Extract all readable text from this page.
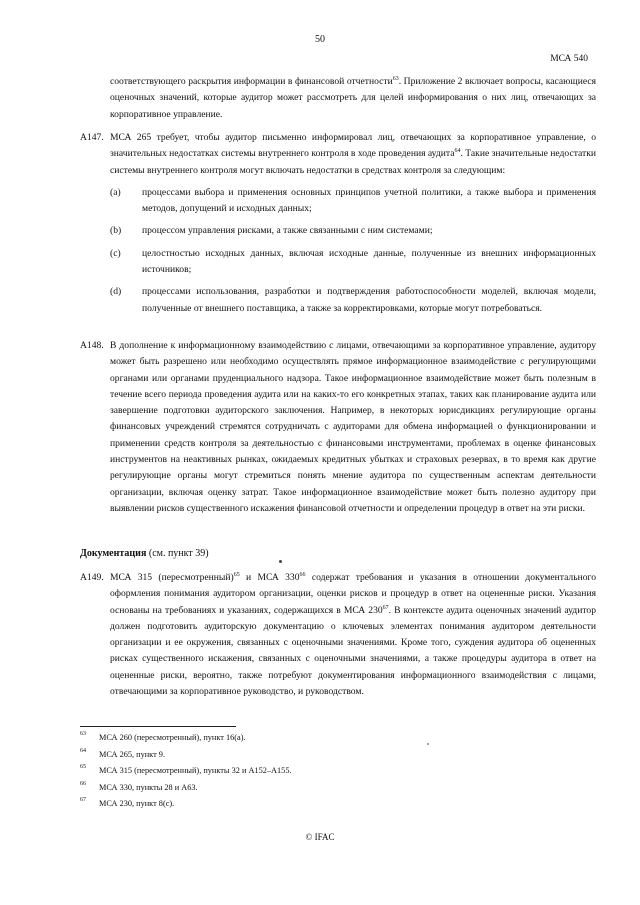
50
МСА 540
соответствующего раскрытия информации в финансовой отчетности$^{63}$. Приложение 2 включает вопросы, касающиеся оценочных значений, которые аудитор может рассмотреть для целей информирования о них лиц, отвечающих за корпоративное управление.
A147. МСА 265 требует, чтобы аудитор письменно информировал лиц, отвечающих за корпоративное управление, о значительных недостатках системы внутреннего контроля в ходе проведения аудита$^{64}$. Такие значительные недостатки системы внутреннего контроля могут включать недостатки в средствах контроля за следующим:
(a) процессами выбора и применения основных принципов учетной политики, а также выбора и применения методов, допущений и исходных данных;
(b) процессом управления рисками, а также связанными с ним системами;
(c) целостностью исходных данных, включая исходные данные, полученные из внешних информационных источников;
(d) процессами использования, разработки и подтверждения работоспособности моделей, включая модели, полученные от внешнего поставщика, а также за корректировками, которые могут потребоваться.
A148. В дополнение к информационному взаимодействию с лицами, отвечающими за корпоративное управление, аудитору может быть разрешено или необходимо осуществлять прямое информационное взаимодействие с регулирующими органами или органами пруденциального надзора. Такое информационное взаимодействие может быть полезным в течение всего периода проведения аудита или на каких-то его конкретных этапах, таких как планирование аудита или завершение подготовки аудиторского заключения. Например, в некоторых юрисдикциях регулирующие органы финансовых учреждений стремятся сотрудничать с аудиторами для обмена информацией о функционировании и применении средств контроля за деятельностью с финансовыми инструментами, проблемах в оценке финансовых инструментов на неактивных рынках, ожидаемых кредитных убытках и страховых резервах, в то время как другие регулирующие органы могут стремиться понять мнение аудитора по существенным аспектам деятельности организации, включая оценку затрат. Такое информационное взаимодействие может быть полезно аудитору при выявлении рисков существенного искажения финансовой отчетности и определении процедур в ответ на эти риски.
Документация (см. пункт 39)
A149. МСА 315 (пересмотренный)$^{65}$ и МСА $330^{66}$ содержат требования и указания в отношении документального оформления понимания аудитором организации, оценки рисков и процедур в ответ на оцененные риски. Указания основаны на требованиях и указаниях, содержащихся в МСА $230^{67}$. В контексте аудита оценочных значений аудитор должен подготовить аудиторскую документацию о ключевых элементах понимания аудитором деятельности организации и ее окружения, связанных с оценочными значениями. Кроме того, суждения аудитора об оцененных рисках существенного искажения, связанных с оценочными значениями, а также процедуры аудитора в ответ на оцененные риски, вероятно, также потребуют документирования информационного взаимодействия с лицами, отвечающими за корпоративное руководство, и руководством.
63 МСА 260 (пересмотренный), пункт 16(а).
64 МСА 265, пункт 9.
65 МСА 315 (пересмотренный), пункты 32 и А152–А155.
66 МСА 330, пункты 28 и А63.
67 МСА 230, пункт 8(с).
© IFAC
